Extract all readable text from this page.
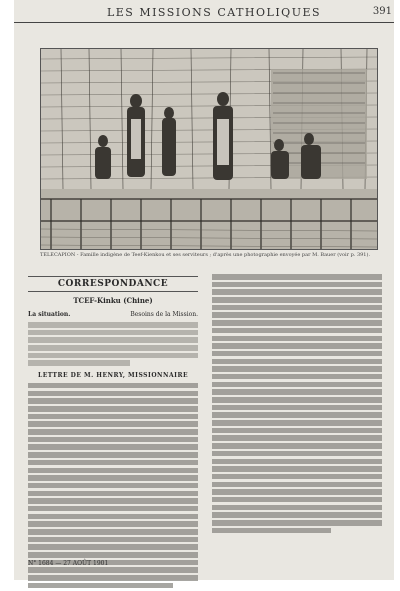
LES MISSIONS CATHOLIQUES	391
TÉLÉCAPION - Famille indigène de Teef-Kienkou et ses serviteurs ; d'après une photographie envoyée par M. Bauer (voir p. 391).
CORRESPONDANCE
TCEF-Kinku (Chine)
La situation.	Besoins de la Mission.
LETTRE DE M. HENRY, MISSIONNAIRE
N° 1684 — 27 AOÛT 1901
